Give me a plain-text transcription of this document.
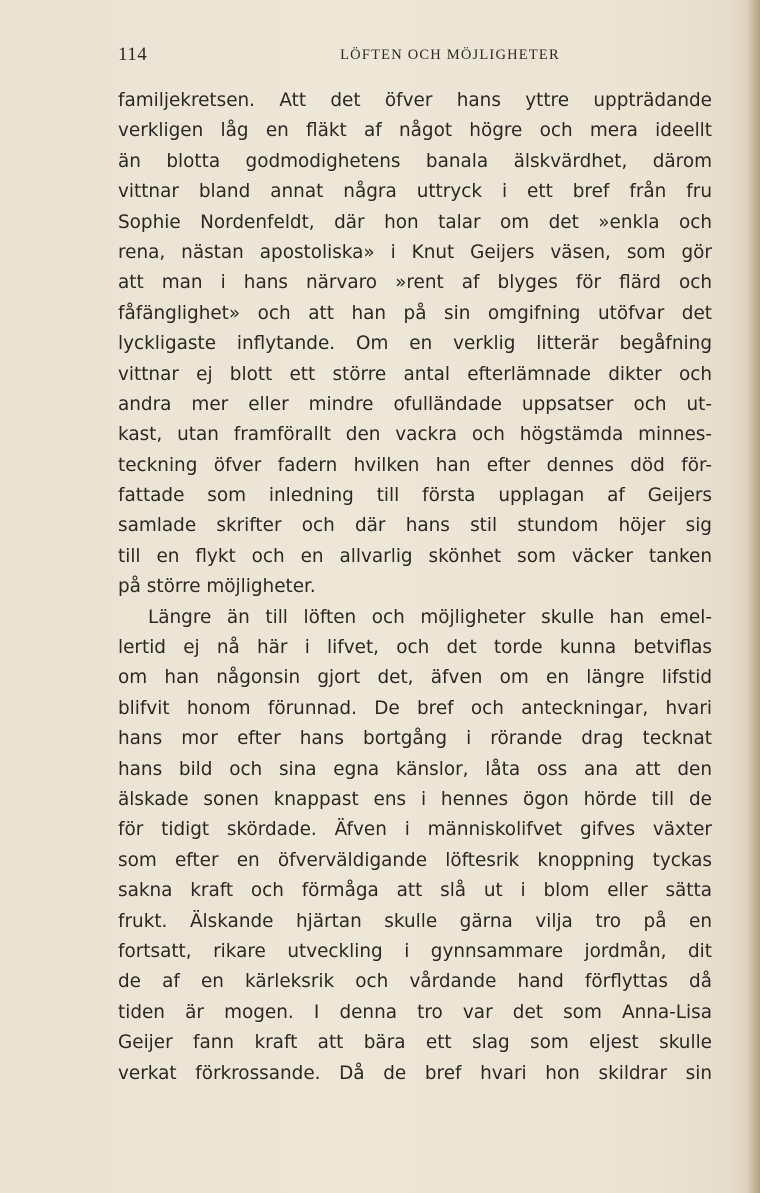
114	LÖFTEN OCH MÖJLIGHETER
familjekretsen. Att det öfver hans yttre uppträdande
verkligen låg en fläkt af något högre och mera ideellt
än blotta godmodighetens banala älskvärdhet, därom
vittnar bland annat några uttryck i ett bref från fru
Sophie Nordenfeldt, där hon talar om det »enkla och
rena, nästan apostoliska» i Knut Geijers väsen, som gör
att man i hans närvaro »rent af blyges för flärd och
fåfänglighet» och att han på sin omgifning utöfvar det
lyckligaste inflytande. Om en verklig litterär begåfning
vittnar ej blott ett större antal efterlämnade dikter och
andra mer eller mindre ofulländade uppsatser och ut-
kast, utan framförallt den vackra och högstämda minnes-
teckning öfver fadern hvilken han efter dennes död för-
fattade som inledning till första upplagan af Geijers
samlade skrifter och där hans stil stundom höjer sig
till en flykt och en allvarlig skönhet som väcker tanken
på större möjligheter.
Längre än till löften och möjligheter skulle han emel-
lertid ej nå här i lifvet, och det torde kunna betviflas
om han någonsin gjort det, äfven om en längre lifstid
blifvit honom förunnad. De bref och anteckningar, hvari
hans mor efter hans bortgång i rörande drag tecknat
hans bild och sina egna känslor, låta oss ana att den
älskade sonen knappast ens i hennes ögon hörde till de
för tidigt skördade. Äfven i människolifvet gifves växter
som efter en öfverväldigande löftesrik knoppning tyckas
sakna kraft och förmåga att slå ut i blom eller sätta
frukt. Älskande hjärtan skulle gärna vilja tro på en
fortsatt, rikare utveckling i gynnsammare jordmån, dit
de af en kärleksrik och vårdande hand förflyttas då
tiden är mogen. I denna tro var det som Anna-Lisa
Geijer fann kraft att bära ett slag som eljest skulle
verkat förkrossande. Då de bref hvari hon skildrar sin
